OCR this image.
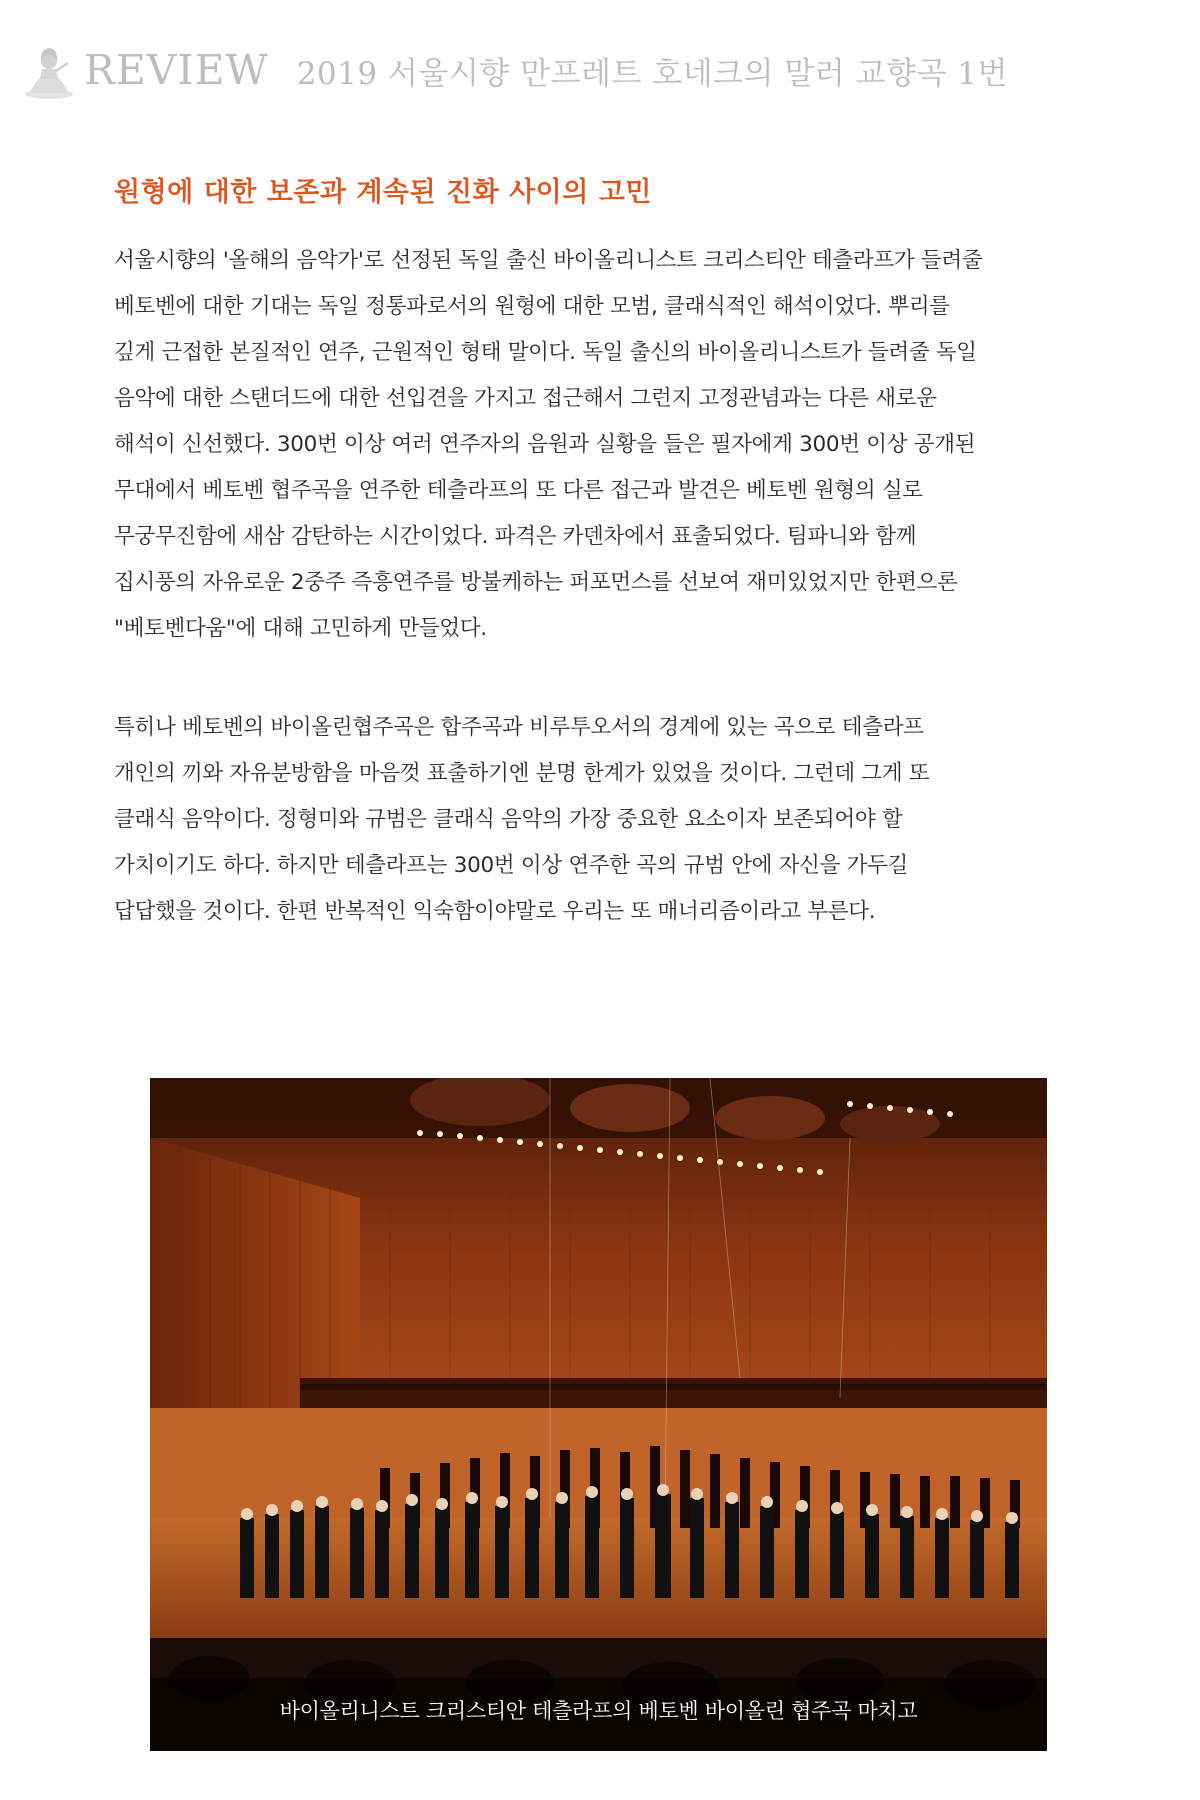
REVIEW 2019 서울시향 만프레트 호네크의 말러 교향곡 1번
원형에 대한 보존과 계속된 진화 사이의 고민
서울시향의 '올해의 음악가'로 선정된 독일 출신 바이올리니스트 크리스티안 테츨라프가 들려줄
베토벤에 대한 기대는 독일 정통파로서의 원형에 대한 모범, 클래식적인 해석이었다. 뿌리를
깊게 근접한 본질적인 연주, 근원적인 형태 말이다. 독일 출신의 바이올리니스트가 들려줄 독일
음악에 대한 스탠더드에 대한 선입견을 가지고 접근해서 그런지 고정관념과는 다른 새로운
해석이 신선했다. 300번 이상 여러 연주자의 음원과 실황을 들은 필자에게 300번 이상 공개된
무대에서 베토벤 협주곡을 연주한 테츨라프의 또 다른 접근과 발견은 베토벤 원형의 실로
무궁무진함에 새삼 감탄하는 시간이었다. 파격은 카덴차에서 표출되었다. 팀파니와 함께
집시풍의 자유로운 2중주 즉흥연주를 방불케하는 퍼포먼스를 선보여 재미있었지만 한편으론
"베토벤다움"에 대해 고민하게 만들었다.
특히나 베토벤의 바이올린협주곡은 합주곡과 비루투오서의 경계에 있는 곡으로 테츨라프
개인의 끼와 자유분방함을 마음껏 표출하기엔 분명 한계가 있었을 것이다. 그런데 그게 또
클래식 음악이다. 정형미와 규범은 클래식 음악의 가장 중요한 요소이자 보존되어야 할
가치이기도 하다. 하지만 테츨라프는 300번 이상 연주한 곡의 규범 안에 자신을 가두길
답답했을 것이다. 한편 반복적인 익숙함이야말로 우리는 또 매너리즘이라고 부른다.
바이올리니스트 크리스티안 테츨라프의 베토벤 바이올린 협주곡 마치고
